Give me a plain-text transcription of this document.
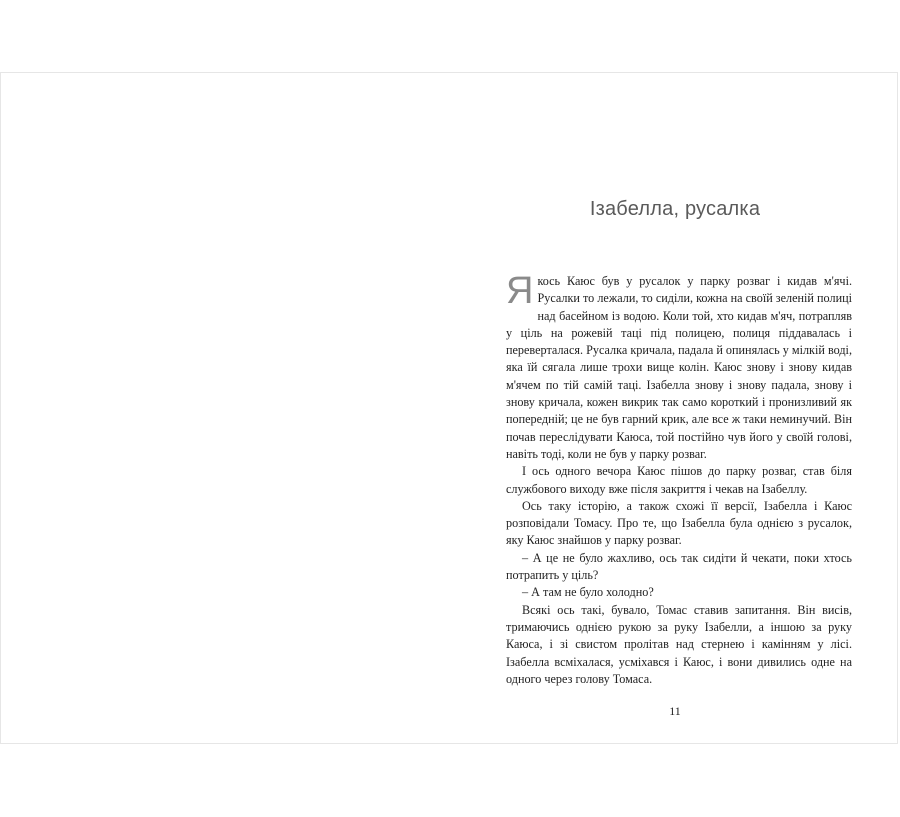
Ізабелла, русалка

Якось Каюс був у русалок у парку розваг і кидав м'ячі. Русалки то лежали, то сиділи, кожна на своїй зеленій полиці над басейном із водою. Коли той, хто кидав м'яч, потрапляв у ціль на рожевій таці під полицею, полиця піддавалась і переверталася. Русалка кричала, падала й опинялась у мілкій воді, яка їй сягала лише трохи вище колін. Каюс знову і знову кидав м'ячем по тій самій таці. Ізабелла знову і знову падала, знову і знову кричала, кожен викрик так само короткий і пронизливий як попередній; це не був гарний крик, але все ж таки неминучий. Він почав переслідувати Каюса, той постійно чув його у своїй голові, навіть тоді, коли не був у парку розваг.

І ось одного вечора Каюс пішов до парку розваг, став біля службового виходу вже після закриття і чекав на Ізабеллу.

Ось таку історію, а також схожі її версії, Ізабелла і Каюс розповідали Томасу. Про те, що Ізабелла була однією з русалок, яку Каюс знайшов у парку розваг.

– А це не було жахливо, ось так сидіти й чекати, поки хтось потрапить у ціль?

– А там не було холодно?

Всякі ось такі, бувало, Томас ставив запитання. Він висів, тримаючись однією рукою за руку Ізабелли, а іншою за руку Каюса, і зі свистом пролітав над стернею і камінням у лісі. Ізабелла всміхалася, усміхався і Каюс, і вони дивились одне на одного через голову Томаса.

11
